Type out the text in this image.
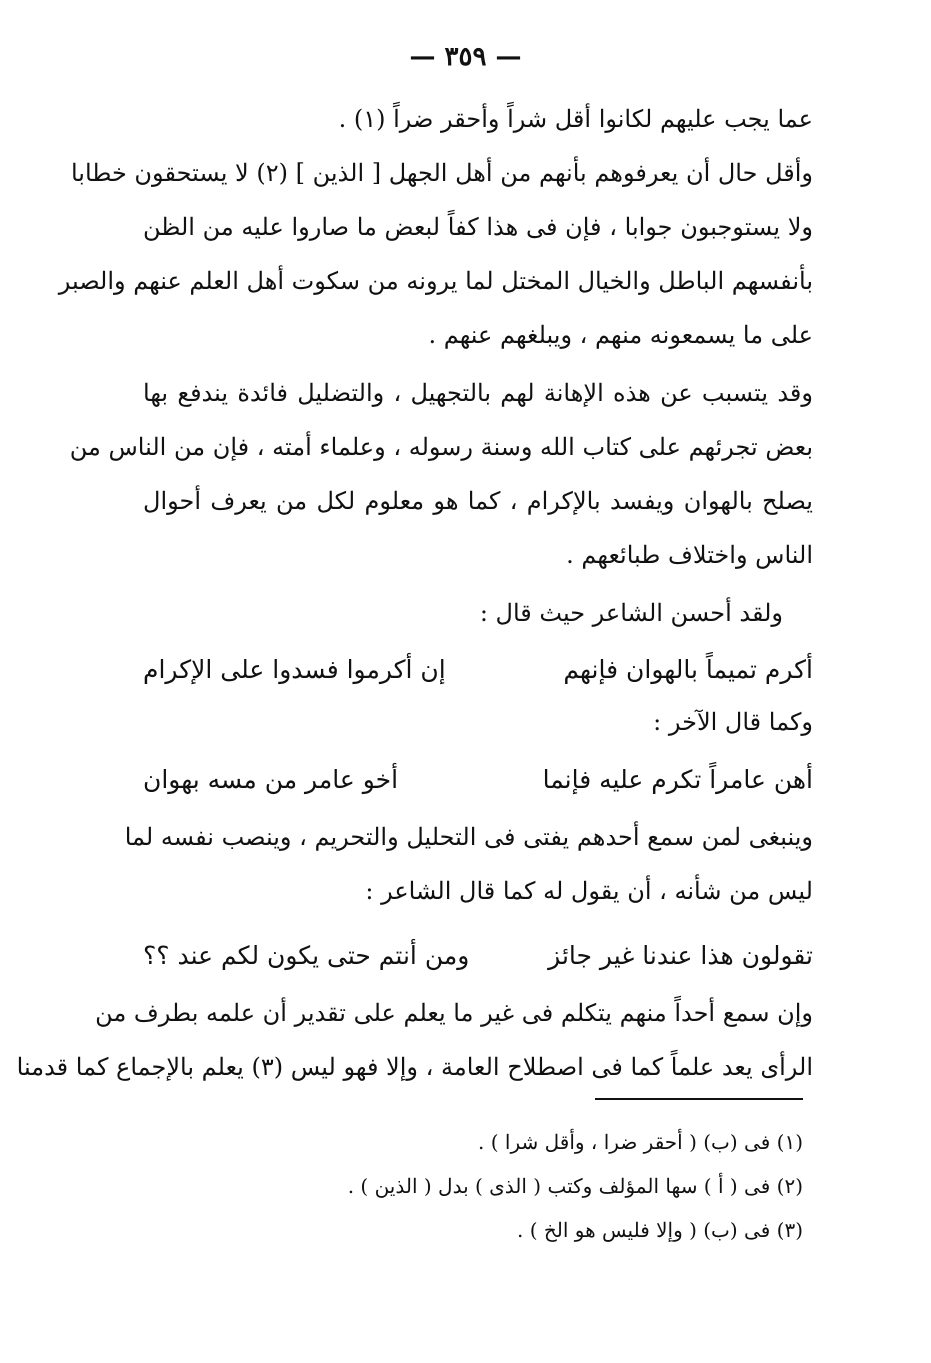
— ٣٥٩ —
عما يجب عليهم لكانوا أقل شراً وأحقر ضراً (١) .
وأقل حال أن يعرفوهم بأنهم من أهل الجهل [ الذين ] (٢) لا يستحقون خطابا
ولا يستوجبون جوابا ، فإن فى هذا كفاً لبعض ما صاروا عليه من الظن
بأنفسهم الباطل والخيال المختل لما يرونه من سكوت أهل العلم عنهم والصبر
على ما يسمعونه منهم ، ويبلغهم عنهم .
وقد يتسبب عن هذه الإهانة لهم بالتجهيل ، والتضليل فائدة يندفع بها
بعض تجرئهم على كتاب الله وسنة رسوله ، وعلماء أمته ، فإن من الناس من
يصلح بالهوان ويفسد بالإكرام ، كما هو معلوم لكل من يعرف أحوال
الناس واختلاف طبائعهم .
ولقد أحسن الشاعر حيث قال :
أكرم تميماً بالهوان فإنهم
إن أكرموا فسدوا على الإكرام
وكما قال الآخر :
أهن عامراً تكرم عليه فإنما
أخو عامر من مسه بهوان
وينبغى لمن سمع أحدهم يفتى فى التحليل والتحريم ، وينصب نفسه لما
ليس من شأنه ، أن يقول له كما قال الشاعر :
تقولون هذا عندنا غير جائز
ومن أنتم حتى يكون لكم عند ؟؟
وإن سمع أحداً منهم يتكلم فى غير ما يعلم على تقدير أن علمه بطرف من
الرأى يعد علماً كما فى اصطلاح العامة ، وإلا فهو ليس (٣) يعلم بالإجماع كما قدمنا
(١) فى (ب) ( أحقر ضرا ، وأقل شرا ) .
(٢) فى ( أ ) سها المؤلف وكتب ( الذى ) بدل ( الذين ) .
(٣) فى (ب) ( وإلا فليس هو الخ ) .
